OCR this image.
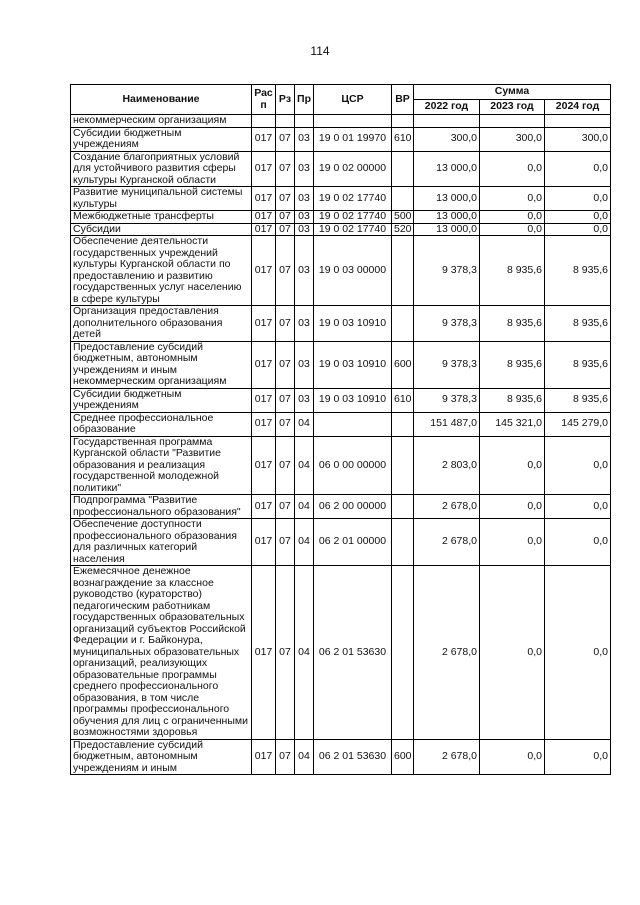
114
Наименование	Рас п	Рз	Пр	ЦСР	ВР	Сумма		
						2022 год	2023 год	2024 год
некоммерческим организациям								
Субсидии бюджетным учреждениям	017	07	03	19 0 01 19970	610	300,0	300,0	300,0
Создание благоприятных условий для устойчивого развития сферы культуры Курганской области	017	07	03	19 0 02 00000		13 000,0	0,0	0,0
Развитие муниципальной системы культуры	017	07	03	19 0 02 17740		13 000,0	0,0	0,0
Межбюджетные трансферты	017	07	03	19 0 02 17740	500	13 000,0	0,0	0,0
Субсидии	017	07	03	19 0 02 17740	520	13 000,0	0,0	0,0
Обеспечение деятельности государственных учреждений культуры Курганской области по предоставлению и развитию государственных услуг населению в сфере культуры	017	07	03	19 0 03 00000		9 378,3	8 935,6	8 935,6
Организация предоставления дополнительного образования детей	017	07	03	19 0 03 10910		9 378,3	8 935,6	8 935,6
Предоставление субсидий бюджетным, автономным учреждениям и иным некоммерческим организациям	017	07	03	19 0 03 10910	600	9 378,3	8 935,6	8 935,6
Субсидии бюджетным учреждениям	017	07	03	19 0 03 10910	610	9 378,3	8 935,6	8 935,6
Среднее профессиональное образование	017	07	04			151 487,0	145 321,0	145 279,0
Государственная программа Курганской области "Развитие образования и реализация государственной молодежной политики"	017	07	04	06 0 00 00000		2 803,0	0,0	0,0
Подпрограмма "Развитие профессионального образования"	017	07	04	06 2 00 00000		2 678,0	0,0	0,0
Обеспечение доступности профессионального образования для различных категорий населения	017	07	04	06 2 01 00000		2 678,0	0,0	0,0
Ежемесячное денежное вознаграждение за классное руководство (кураторство) педагогическим работникам государственных образовательных организаций субъектов Российской Федерации и г. Байконура, муниципальных образовательных организаций, реализующих образовательные программы среднего профессионального образования, в том числе программы профессионального обучения для лиц с ограниченными возможностями здоровья	017	07	04	06 2 01 53630		2 678,0	0,0	0,0
Предоставление субсидий бюджетным, автономным учреждениям и иным	017	07	04	06 2 01 53630	600	2 678,0	0,0	0,0
